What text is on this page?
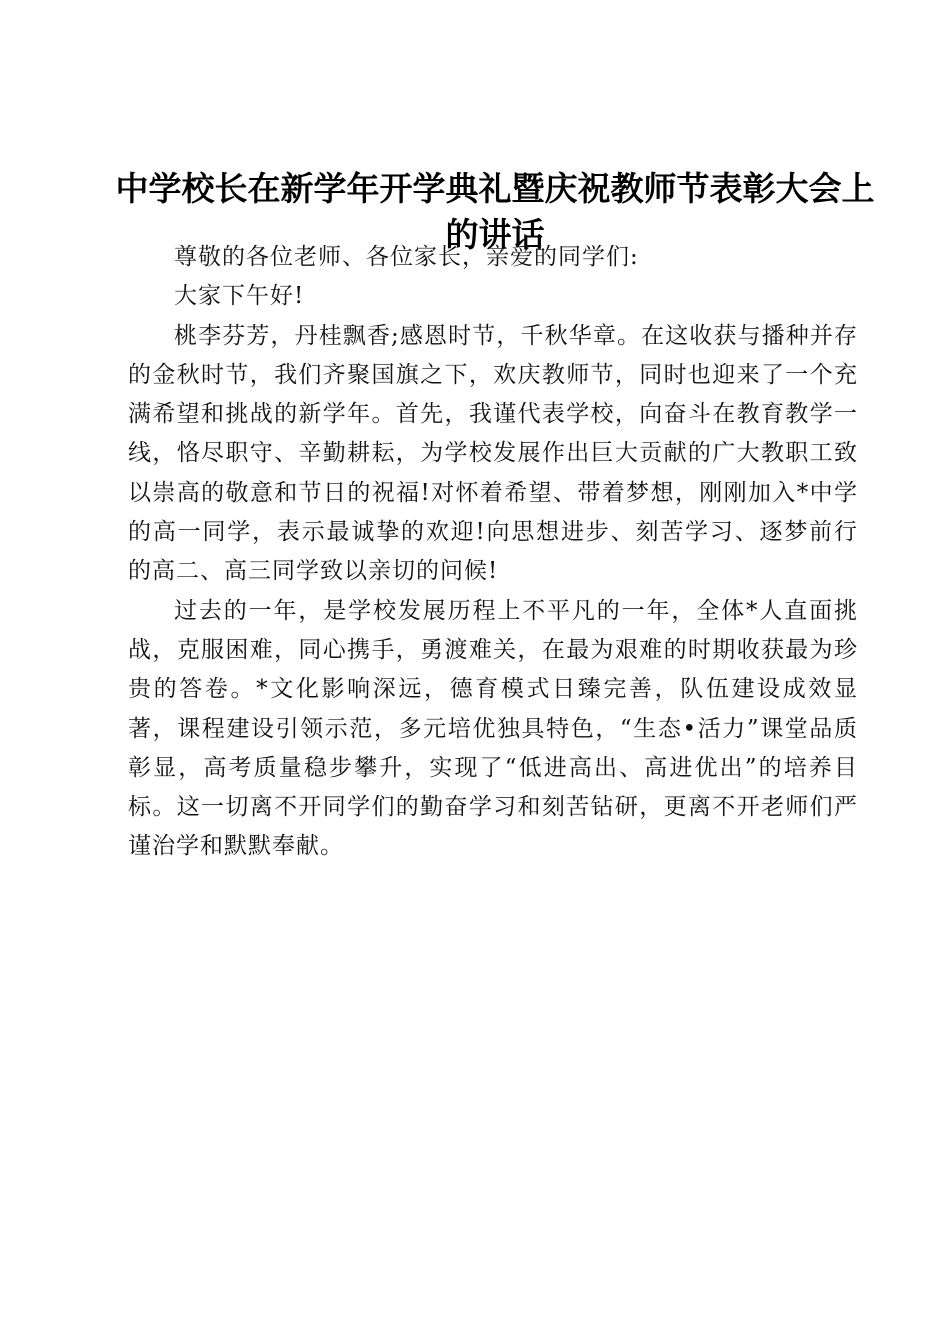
中学校长在新学年开学典礼暨庆祝教师节表彰大会上的讲话

尊敬的各位老师、各位家长，亲爱的同学们:

大家下午好!

桃李芬芳，丹桂飘香;感恩时节，千秋华章。在这收获与播种并存的金秋时节，我们齐聚国旗之下，欢庆教师节，同时也迎来了一个充满希望和挑战的新学年。首先，我谨代表学校，向奋斗在教育教学一线，恪尽职守、辛勤耕耘，为学校发展作出巨大贡献的广大教职工致以崇高的敬意和节日的祝福!对怀着希望、带着梦想，刚刚加入*中学的高一同学，表示最诚挚的欢迎!向思想进步、刻苦学习、逐梦前行的高二、高三同学致以亲切的问候!

过去的一年，是学校发展历程上不平凡的一年，全体*人直面挑战，克服困难，同心携手，勇渡难关，在最为艰难的时期收获最为珍贵的答卷。*文化影响深远，德育模式日臻完善，队伍建设成效显著，课程建设引领示范，多元培优独具特色，“生态•活力”课堂品质彰显，高考质量稳步攀升，实现了“低进高出、高进优出”的培养目标。这一切离不开同学们的勤奋学习和刻苦钻研，更离不开老师们严谨治学和默默奉献。
